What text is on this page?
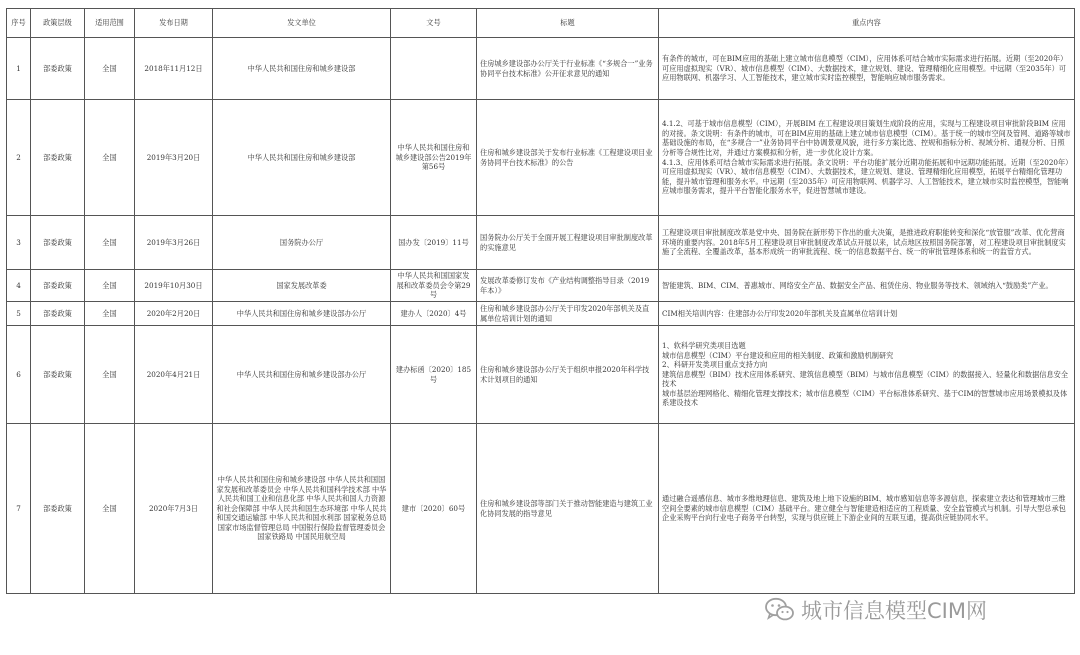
序号	政策层级	适用范围	发布日期	发文单位	文号	标题	重点内容
1	部委政策	全国	2018年11月12日	中华人民共和国住房和城乡建设部		住房城乡建设部办公厅关于行业标准《“多规合一”业务协同平台技术标准》公开征求意见的通知	有条件的城市，可在BIM应用的基础上建立城市信息模型（CIM），应用体系可结合城市实际需求进行拓展。近期（至2020年）可应用虚拟现实（VR）、城市信息模型（CIM）、大数据技术，建立规划、建设、管理精细化应用模型。中远期（至2035年）可应用物联网、机器学习、人工智能技术，建立城市实时监控模型，智能响应城市服务需求。

2	部委政策	全国	2019年3月20日	中华人民共和国住房和城乡建设部	中华人民共和国住房和城乡建设部公告2019年第56号	住房和城乡建设部关于发布行业标准《工程建设项目业务协同平台技术标准》的公告	4.1.2、可基于城市信息模型（CIM），开展BIM 在工程建设项目策划生成阶段的应用，实现与工程建设项目审批阶段BIM 应用的对接。条文说明：有条件的城市，可在BIM应用的基础上建立城市信息模型（CIM）。基于统一的城市空间及管网、道路等城市基础设施的布局，在“多规合一”业务协同平台中协调景观风貌，进行多方案比选、控规和指标分析、视域分析、通视分析、日照分析等合规性比对，并通过方案模拟和分析，进一步优化设计方案。

4.1.3、应用体系可结合城市实际需求进行拓展。条文说明：平台功能扩展分近期功能拓展和中远期功能拓展。近期（至2020年）可应用虚拟现实（VR）、城市信息模型（CIM）、大数据技术，建立规划、建设、管理精细化应用模型，拓展平台精细化管理功能，提升城市管理和服务水平。中远期（至2035年）可应用物联网、机器学习、人工智能技术，建立城市实时监控模型，智能响应城市服务需求，提升平台智能化服务水平，促进智慧城市建设。

3	部委政策	全国	2019年3月26日	国务院办公厅	国办发〔2019〕11号	国务院办公厅关于全面开展工程建设项目审批制度改革的实施意见	工程建设项目审批制度改革是党中央、国务院在新形势下作出的重大决策，是推进政府职能转变和深化“放管服”改革、优化营商环境的重要内容。2018年5月工程建设项目审批制度改革试点开展以来，试点地区按照国务院部署，对工程建设项目审批制度实施了全流程、全覆盖改革，基本形成统一的审批流程、统一的信息数据平台、统一的审批管理体系和统一的监管方式。

4	部委政策	全国	2019年10月30日	国家发展改革委	中华人民共和国国家发展和改革委员会令第29号	发展改革委修订发布《产业结构调整指导目录（2019年本）》	智能建筑、BIM、CIM、普惠城市、网络安全产品、数据安全产品、租赁住房、物业服务等技术、领域纳入“鼓励类”产业。

5	部委政策	全国	2020年2月20日	中华人民共和国住房和城乡建设部办公厅	建办人〔2020〕4号	住房和城乡建设部办公厅关于印发2020年部机关及直属单位培训计划的通知	CIM相关培训内容：住建部办公厅印发2020年部机关及直属单位培训计划

6	部委政策	全国	2020年4月21日	中华人民共和国住房和城乡建设部办公厅	建办标函〔2020〕185号	住房和城乡建设部办公厅关于组织申报2020年科学技术计划项目的通知	1、软科学研究类项目选题

城市信息模型（CIM）平台建设和应用的相关制度、政策和激励机制研究

2、科研开发类项目重点支持方向

建筑信息模型（BIM）技术应用体系研究、建筑信息模型（BIM）与城市信息模型（CIM）的数据接入、轻量化和数据信息安全技术

城市基层治理网格化、精细化管理支撑技术；城市信息模型（CIM）平台标准体系研究、基于CIM的智慧城市应用场景模拟及体系建设技术

7	部委政策	全国	2020年7月3日	中华人民共和国住房和城乡建设部 中华人民共和国国家发展和改革委员会 中华人民共和国科学技术部 中华人民共和国工业和信息化部 中华人民共和国人力资源和社会保障部 中华人民共和国生态环境部 中华人民共和国交通运输部 中华人民共和国水利部 国家税务总局 国家市场监督管理总局 中国银行保险监督管理委员会 国家铁路局 中国民用航空局	建市〔2020〕60号	住房和城乡建设部等部门关于推动智能建造与建筑工业化协同发展的指导意见	通过融合遥感信息、城市多维地理信息、建筑及地上地下设施的BIM、城市感知信息等多源信息，探索建立表达和管理城市三维空间全要素的城市信息模型（CIM）基础平台。建立健全与智能建造相适应的工程质量、安全监管模式与机制。引导大型总承包企业采购平台向行业电子商务平台转型，实现与供应链上下游企业间的互联互通，提高供应链协同水平。

城市信息模型CIM网
